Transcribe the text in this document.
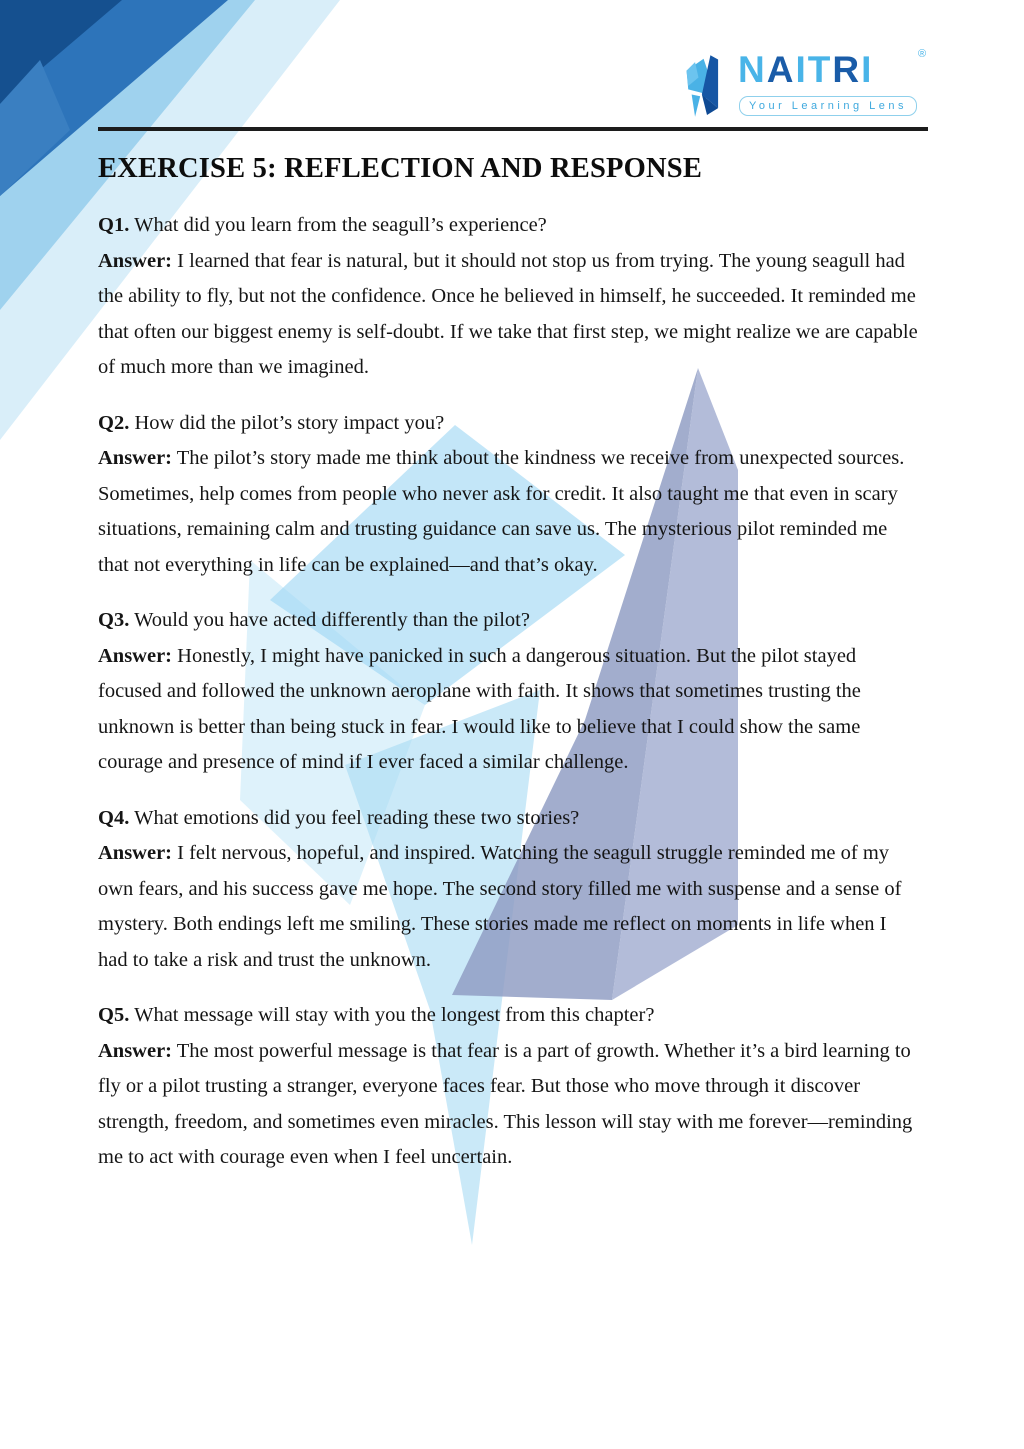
NAITRI	®
Your Learning Lens
EXERCISE 5: REFLECTION AND RESPONSE
Q1. What did you learn from the seagull’s experience?
Answer: I learned that fear is natural, but it should not stop us from trying. The young seagull had
the ability to fly, but not the confidence. Once he believed in himself, he succeeded. It reminded me
that often our biggest enemy is self-doubt. If we take that first step, we might realize we are capable
of much more than we imagined.
Q2. How did the pilot’s story impact you?
Answer: The pilot’s story made me think about the kindness we receive from unexpected sources.
Sometimes, help comes from people who never ask for credit. It also taught me that even in scary
situations, remaining calm and trusting guidance can save us. The mysterious pilot reminded me
that not everything in life can be explained—and that’s okay.
Q3. Would you have acted differently than the pilot?
Answer: Honestly, I might have panicked in such a dangerous situation. But the pilot stayed
focused and followed the unknown aeroplane with faith. It shows that sometimes trusting the
unknown is better than being stuck in fear. I would like to believe that I could show the same
courage and presence of mind if I ever faced a similar challenge.
Q4. What emotions did you feel reading these two stories?
Answer: I felt nervous, hopeful, and inspired. Watching the seagull struggle reminded me of my
own fears, and his success gave me hope. The second story filled me with suspense and a sense of
mystery. Both endings left me smiling. These stories made me reflect on moments in life when I
had to take a risk and trust the unknown.
Q5. What message will stay with you the longest from this chapter?
Answer: The most powerful message is that fear is a part of growth. Whether it’s a bird learning to
fly or a pilot trusting a stranger, everyone faces fear. But those who move through it discover
strength, freedom, and sometimes even miracles. This lesson will stay with me forever—reminding
me to act with courage even when I feel uncertain.
